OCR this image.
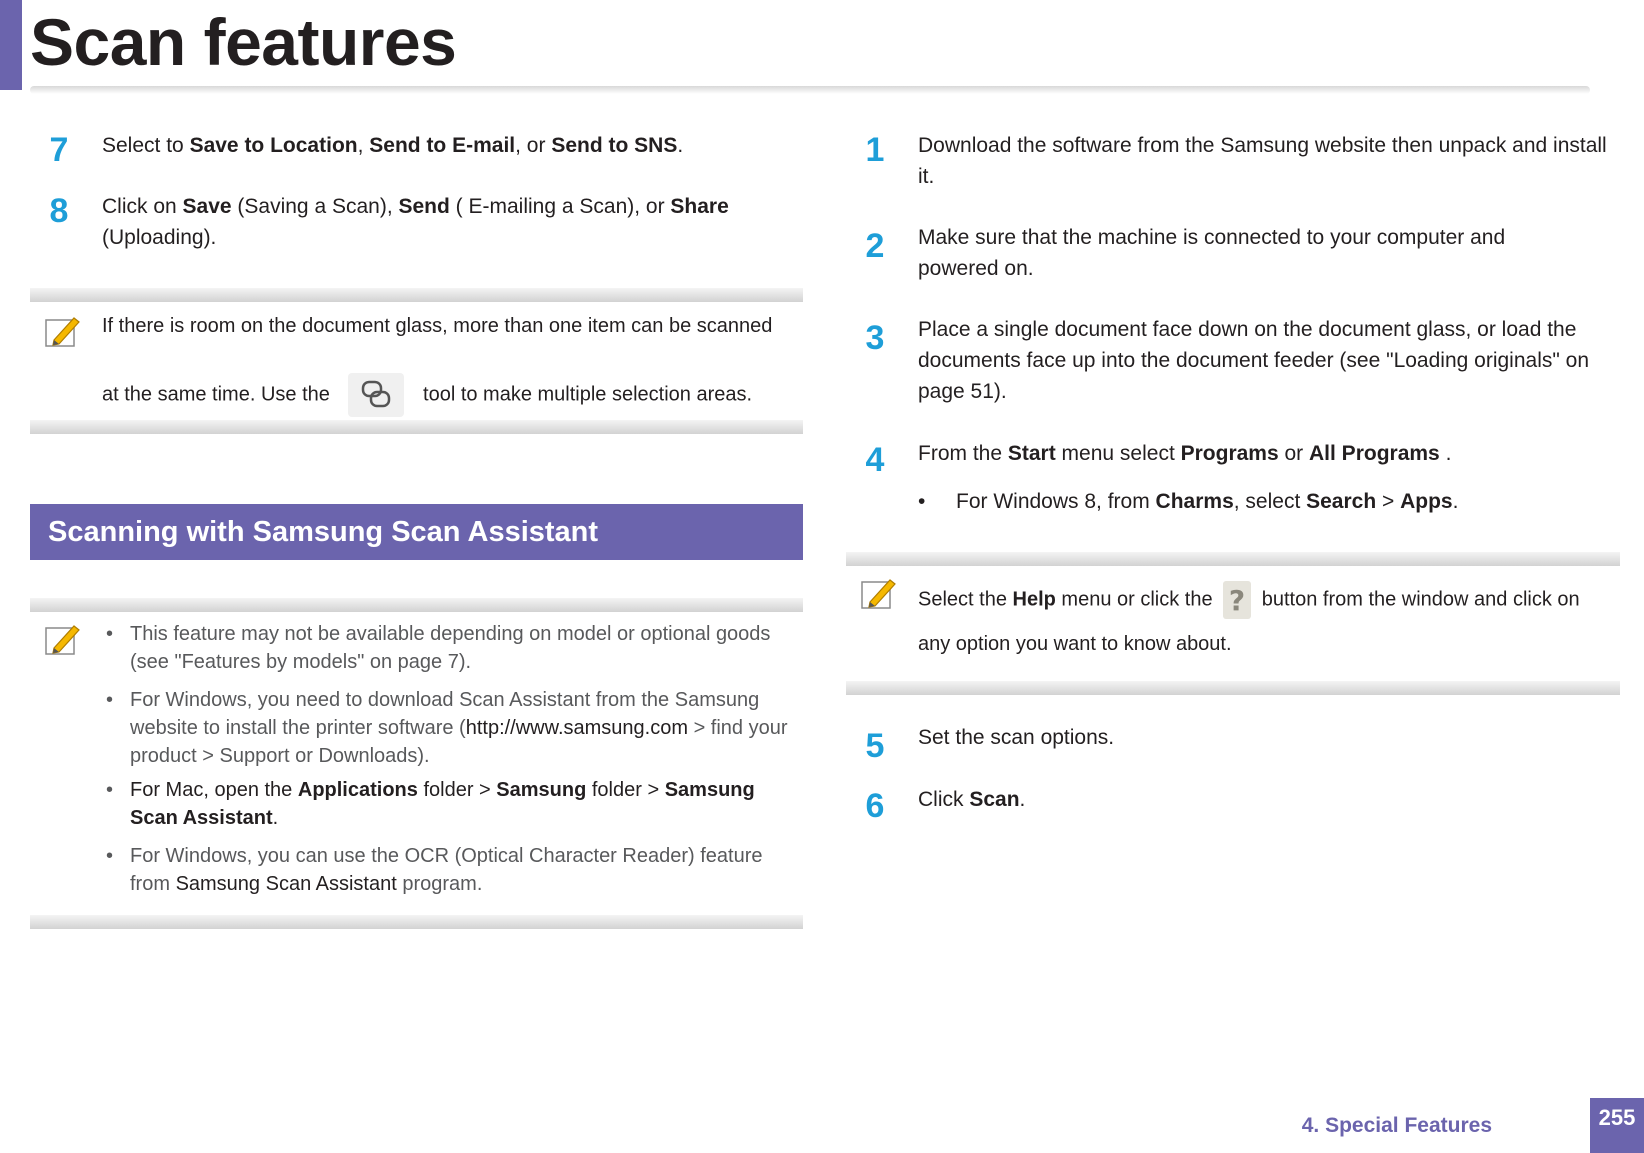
Scan features
7	Select to Save to Location, Send to E-mail, or Send to SNS.
8	Click on Save (Saving a Scan), Send ( E-mailing a Scan), or Share
(Uploading).
If there is room on the document glass, more than one item can be scanned
at the same time. Use the	tool to make multiple selection areas.
Scanning with Samsung Scan Assistant
• This feature may not be available depending on model or optional goods (see "Features by models" on page 7).
• For Windows, you need to download Scan Assistant from the Samsung website to install the printer software (http://www.samsung.com > find your product > Support or Downloads).
• For Mac, open the Applications folder > Samsung folder > Samsung Scan Assistant.
• For Windows, you can use the OCR (Optical Character Reader) feature from Samsung Scan Assistant program.
1	Download the software from the Samsung website then unpack and install it.
2	Make sure that the machine is connected to your computer and powered on.
3	Place a single document face down on the document glass, or load the documents face up into the document feeder (see "Loading originals" on page 51).
4	From the Start menu select Programs or All Programs .
• For Windows 8, from Charms, select Search > Apps.
Select the Help menu or click the ? button from the window and click on
any option you want to know about.
5	Set the scan options.
6	Click Scan.
4. Special Features	255
